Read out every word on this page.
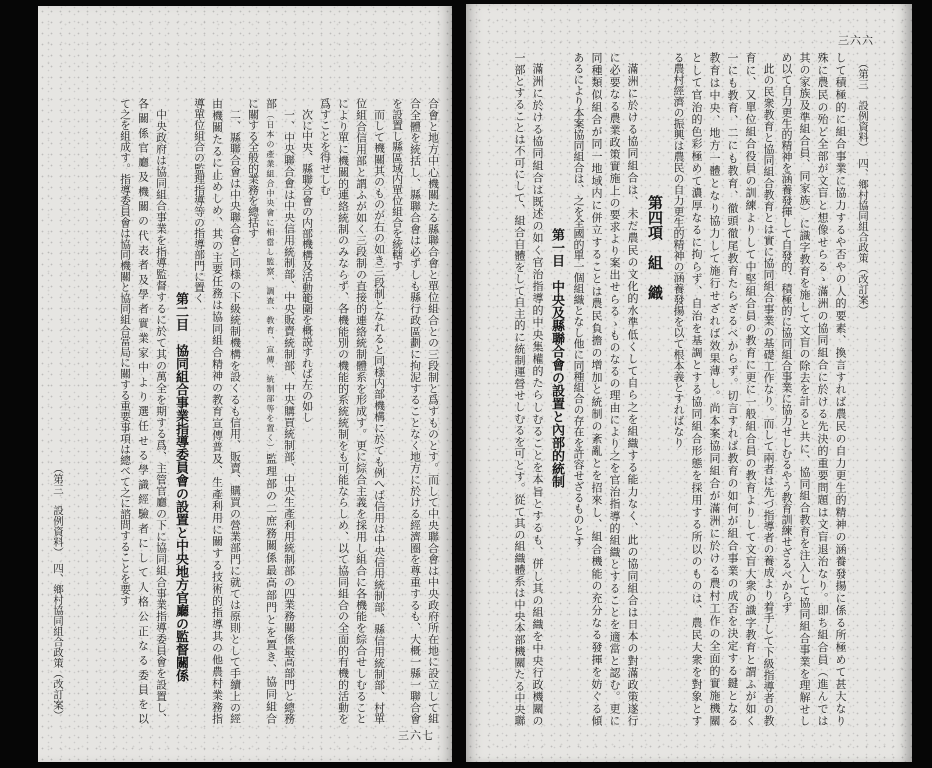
三六六
（第三　設例資料）　四、鄉村協同組合政策（改訂案）
して積極的に組合事業に協力するや否やの人的要素、換言すれば農民の自力更生的精神の涵養發揚に係る所極めて甚大なり
殊に農民の殆ど全部が文盲と想像せらるゝ滿洲の協同組合に於ける先決的重要問題は文盲退治なり。即ち組合員（進んでは
其の家族及準組合員、同家族）に識字教育を施して文盲の除去を計ると共に、協同組合教育を注入して協同組合事業を理解せし
め以て自力更生的精神を涵養發揮して自發的、積極的に協同組合事業に協力せしむるやう教育訓練せざるべからず
此の民衆教育と協同組合教育とは實に協同組合事業の基礎工作なり。而して兩者は先づ指導者の養成より着手して下級指導者の教
育に、又單位組合役員の訓練よりして中堅組合員の教育に更に一般組合員の教育よりして文盲大衆の識字教育と謂ふが如く
一にも教育、二にも教育、徹頭徹尾教育たらざるべからず。切言すれば教育の如何が組合事業の成否を決定する鍵となる
教育は中央、地方一體となり協力して施行せざれば效果薄し。尚本案協同組合が滿洲に於ける農村工作の全面的實施機關
として官治的色彩極めて濃厚なるに拘らず、自治を基調とする協同組合形態を採用する所以のものは、農民大衆を對象とす
る農村經濟の振興は農民の自力更生的精神の涵養發揚を以て根本義とすればなり
第四項　組　織
滿洲に於ける協同組合は、未だ農民の文化的水準低くして自ら之を組織する能力なく、此の協同組合は日本の對滿政策遂行
に必要なる農業政策實施上の要求より案出せらるゝものなるの理由により之を官治指導的組織とすることを適當と認む。更に
同種類似組合が同一地域内に併立することは農民負擔の增加と統制の紊亂とを招來し、組合機能の充分なる發揮を妨ぐる傾
あるにより本案協同組合は、之を全國的單一個組織となし他に同種組合の存在を許容せざるものとす
第一目　中央及縣聯合會の設置と內部的統制
滿洲に於ける協同組合は既述の如く官治指導的中央集權的たらしむることを本旨とするも、併し其の組織を中央行政機關の
一部とすることは不可にして、組合自體をして自主的に統制運營せしむるを可とす。從て其の組織體系は中央本部機關たる中央聯
合會と地方中心機關たる縣聯合會と單位組合との三段制と爲すものとす。而して中央聯合會は中央政府所在地に設立して組
合全體を統括し、縣聯合會は必ずしも縣行政區劃に拘泥することなく地方に於ける經濟圈を尊重するも、大概一縣一聯合會
を設置し縣區域内單位組合を統轄す
而して機關其のものが右の如き三段制となれると同様内部機構に於ても例へば信用は中央信用統制部、縣信用統制部、村單
位組合信用部と謂ふが如く三段制の直接的連絡統制體系を形成す。更に綜合主義を採用し組合に各機能を綜合せしむること
により單に機關的連絡統制のみならず、各機能別の機能的系統統制をも可能ならしめ、以て協同組合の全面的有機的活動を
爲すことを得せしむ
次に中央、縣聯合會の内部機構及活動範圍を概説すれば左の如し
一、中央聯合會は中央信用統制部、中央販賣統制部、中央購買統制部、中央生產利用統制部の四業務關係最高部門と總務
部（日本の產業組合中央會に相當し監察、調查、教育、宣傳、統制部等を置く）監理部の二庶務關係最高部門とを置き、協同組合
に關する全般的業務を總括す
二、縣聯合會は中央聯合會と同様の下級統制機構を設くるも信用、販賣、購買の營業部門に就ては原則として手續上の經
由機關たるに止めしめ、其の主要任務は協同組合精神の教育宣傳普及、生產利用に關する技術的指導其の他農村業務指
導單位組合の監理指導等の指導部門に置く
第二目　協同組合事業指導委員會の設置と中央地方官廳の監督關係
中央政府は協同組合事業を指導監督するに於て其の萬全を期する爲、主管官廳の下に協同組合事業指導委員會を設置し、
各關係官廳及機關の代表者及學者實業家中より選任せる學識經驗者にして人格公正なる委員を以
て之を組成す。指導委員會は協同機關と協同組合當局に關する重要事項は總べて之に諮問することを要す
（第三　設例資料）　四、鄉村協同組合政策（改訂案）
三六七
